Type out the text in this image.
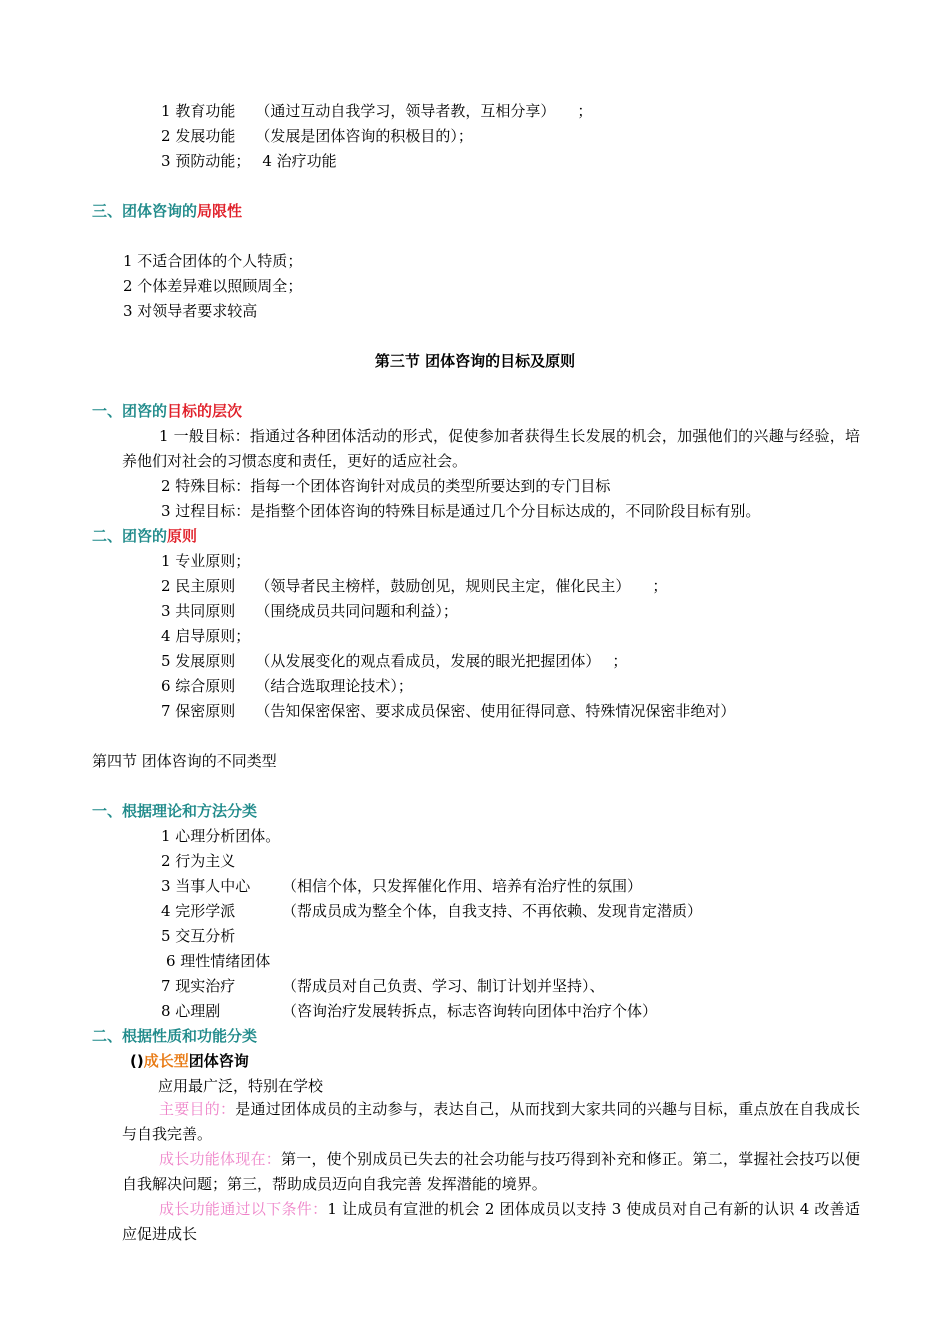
1 教育功能 （通过互动自我学习，领导者教，互相分享） ；
2 发展功能 （发展是团体咨询的积极目的）；
3 预防动能； 4 治疗功能
三、团体咨询的局限性
1 不适合团体的个人特质；
2 个体差异难以照顾周全；
3 对领导者要求较高
第三节 团体咨询的目标及原则
一、团咨的目标的层次
1 一般目标：指通过各种团体活动的形式，促使参加者获得生长发展的机会，加强他们的兴趣与经验，培养他们对社会的习惯态度和责任，更好的适应社会。
2 特殊目标：指每一个团体咨询针对成员的类型所要达到的专门目标
3 过程目标：是指整个团体咨询的特殊目标是通过几个分目标达成的，不同阶段目标有别。
二、团咨的原则
1 专业原则；
2 民主原则 （领导者民主榜样，鼓励创见，规则民主定，催化民主） ；
3 共同原则 （围绕成员共同问题和利益）；
4 启导原则；
5 发展原则 （从发展变化的观点看成员，发展的眼光把握团体） ；
6 综合原则 （结合选取理论技术）；
7 保密原则 （告知保密保密、要求成员保密、使用征得同意、特殊情况保密非绝对）
第四节 团体咨询的不同类型
一、根据理论和方法分类
1 心理分析团体。
2 行为主义
3 当事人中心 （相信个体，只发挥催化作用、培养有治疗性的氛围）
4 完形学派	（帮成员成为整全个体，自我支持、不再依赖、发现肯定潜质）
5 交互分析
6 理性情绪团体
7 现实治疗	（帮成员对自己负责、学习、制订计划并坚持）、
8 心理剧	（咨询治疗发展转拆点，标志咨询转向团体中治疗个体）
二、根据性质和功能分类
()成长型团体咨询
应用最广泛，特别在学校
主要目的：是通过团体成员的主动参与，表达自己，从而找到大家共同的兴趣与目标，重点放在自我成长与自我完善。
成长功能体现在：第一，使个别成员已失去的社会功能与技巧得到补充和修正。第二，掌握社会技巧以便自我解决问题；第三，帮助成员迈向自我完善 发挥潜能的境界。
成长功能通过以下条件：1 让成员有宣泄的机会 2 团体成员以支持 3 使成员对自己有新的认识 4 改善适应促进成长
